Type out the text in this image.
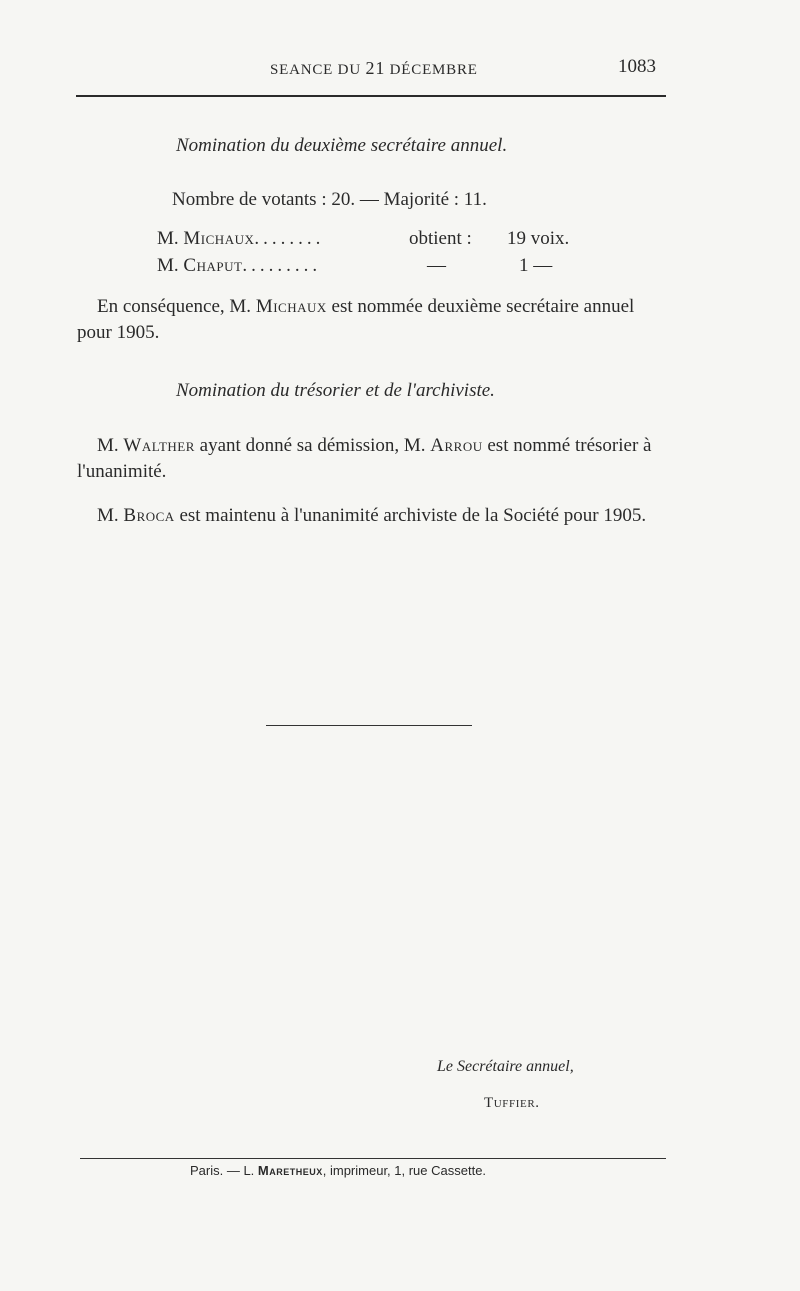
SEANCE DU 21 DÉCEMBRE	1083
Nomination du deuxième secrétaire annuel.
Nombre de votants : 20. — Majorité : 11.
M. Michaux........	obtient : 19 voix.
M. Chaput.........	—	1 —
En conséquence, M. Michaux est nommée deuxième secrétaire annuel pour 1905.
Nomination du trésorier et de l'archiviste.
M. Walther ayant donné sa démission, M. Arrou est nommé trésorier à l'unanimité.
M. Broca est maintenu à l'unanimité archiviste de la Société pour 1905.
Le Secrétaire annuel,
Tuffier.
Paris. — L. Maretheux, imprimeur, 1, rue Cassette.
